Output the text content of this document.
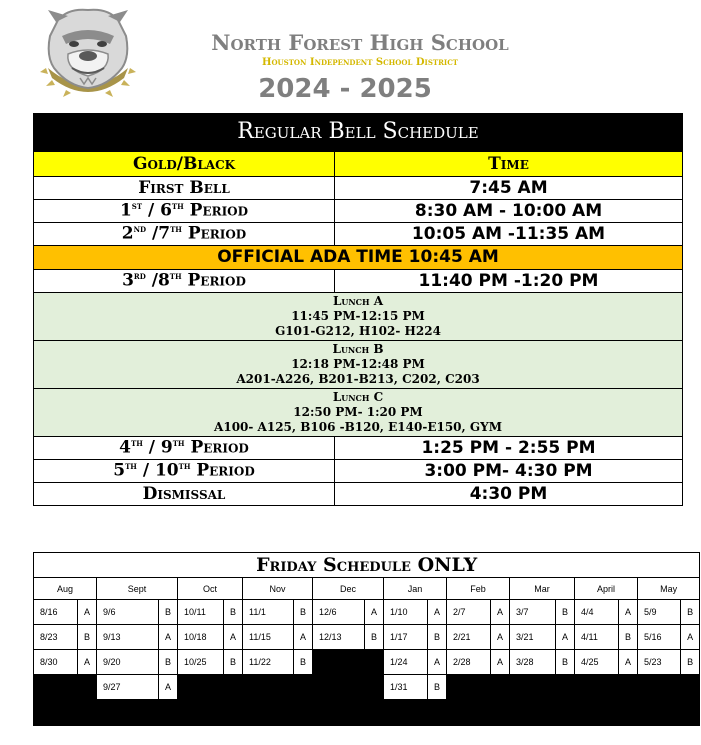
North Forest High School
Houston Independent School District
2024 - 2025
Regular Bell Schedule	
Gold/Black	Time
First Bell	7:45 AM
1st / 6th Period	8:30 AM - 10:00 AM
2nd /7th Period	10:05 AM -11:35 AM
OFFICIAL ADA TIME 10:45 AM	
3rd /8th Period	11:40 PM -1:20 PM

Lunch A
11:45 PM-12:15 PM
G101-G212, H102- H224	

Lunch B
12:18 PM-12:48 PM
A201-A226, B201-B213, C202, C203	

Lunch C
12:50 PM- 1:20 PM
A100- A125, B106 -B120, E140-E150, GYM	

4th / 9th Period	1:25 PM - 2:55 PM
5th / 10th Period	3:00 PM- 4:30 PM
Dismissal	4:30 PM
Friday Schedule ONLY																			
Aug		Sept		Oct		Nov		Dec		Jan		Feb		Mar		April		May	
8/16	A	9/6	B	10/11	B	11/1	B	12/6	A	1/10	A	2/7	A	3/7	B	4/4	A	5/9	B
8/23	B	9/13	A	10/18	A	11/15	A	12/13	B	1/17	B	2/21	A	3/21	A	4/11	B	5/16	A
8/30	A	9/20	B	10/25	B	11/22	B			1/24	A	2/28	A	3/28	B	4/25	A	5/23	B
		9/27	A							1/31	B								
